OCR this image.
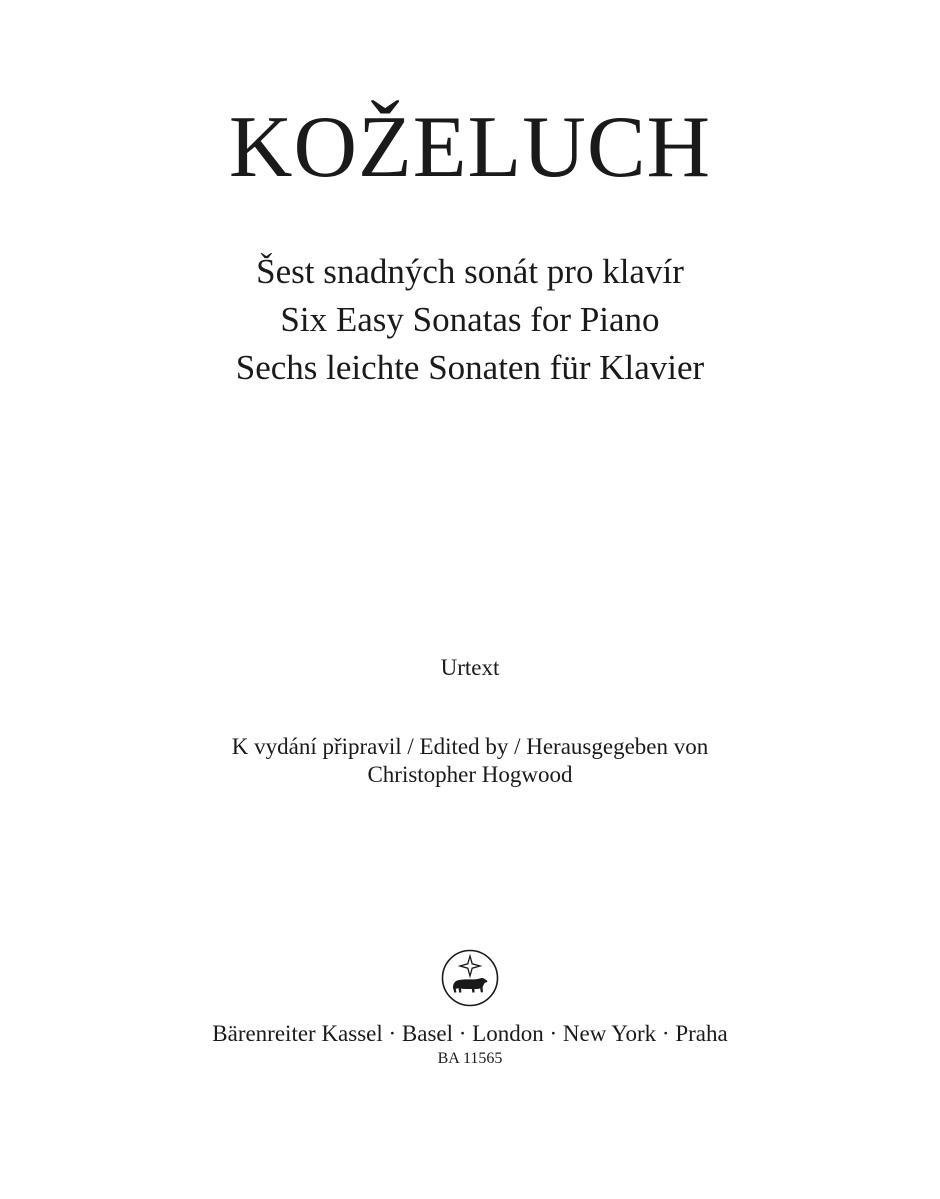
KOŽELUCH
Šest snadných sonát pro klavír
Six Easy Sonatas for Piano
Sechs leichte Sonaten für Klavier
Urtext
K vydání připravil / Edited by / Herausgegeben von
Christopher Hogwood
Bärenreiter Kassel · Basel · London · New York · Praha
BA 11565
